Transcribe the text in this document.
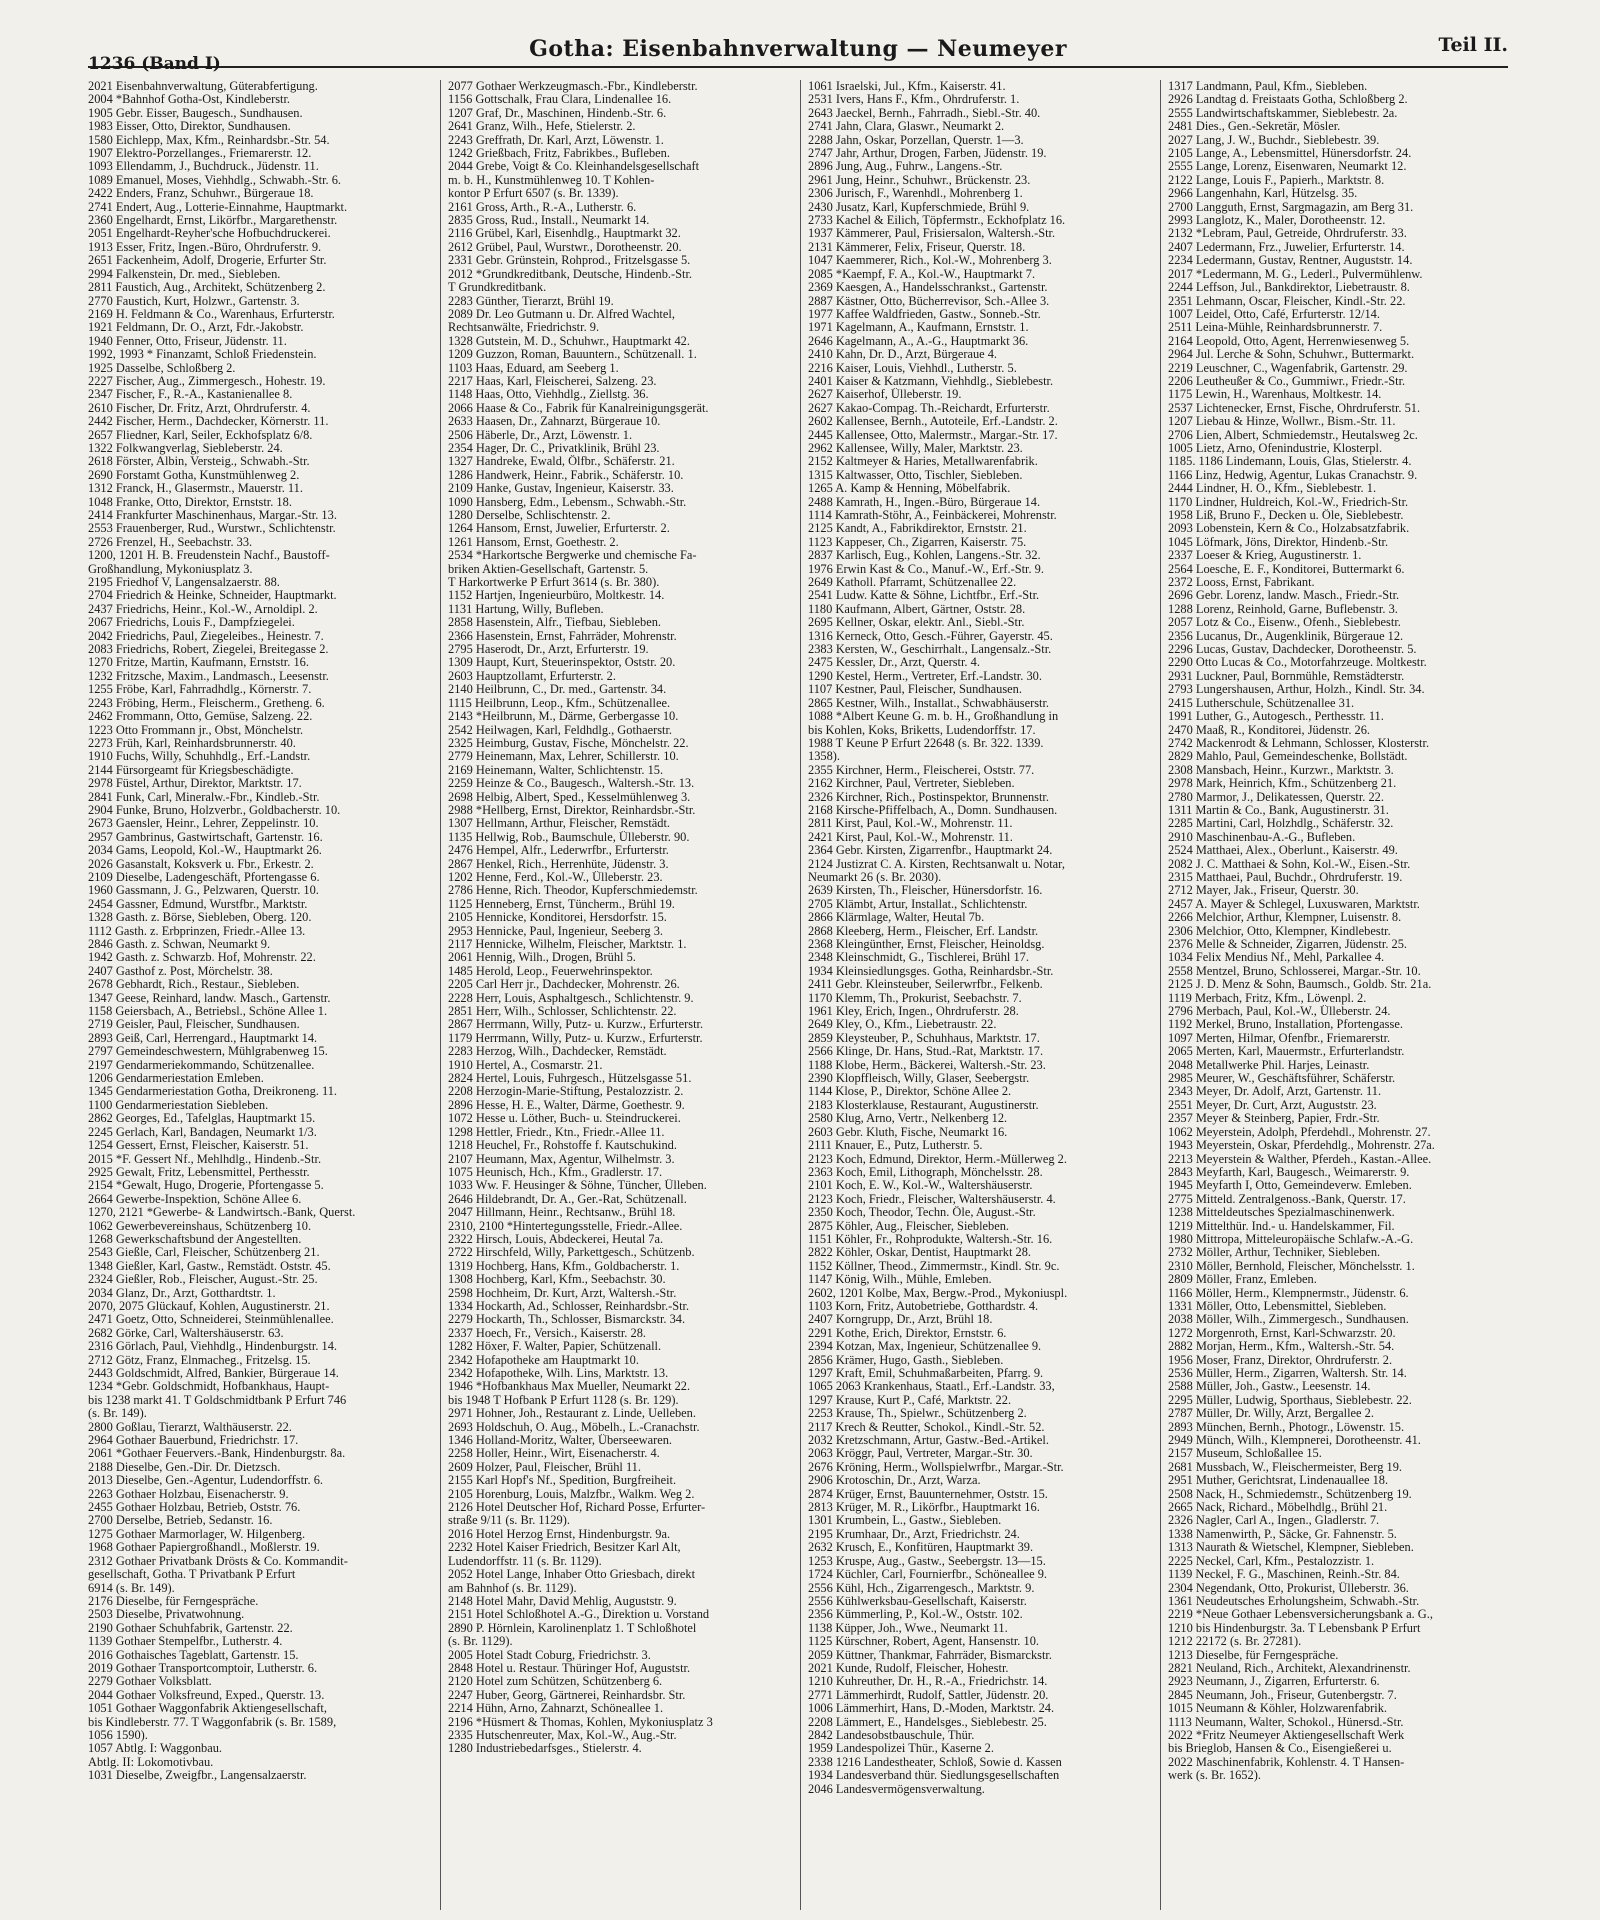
1236 (Band I)
Gotha: Eisenbahnverwaltung — Neumeyer	Teil II.
2021 Eisenbahnverwaltung, Güterabfertigung.
2004 *Bahnhof Gotha-Ost, Kindleberstr.
1905 Gebr. Eisser, Baugesch., Sundhausen.
1983 Eisser, Otto, Direktor, Sundhausen.
1580 Eichlepp, Max, Kfm., Reinhardsbr.-Str. 54.
1907 Elektro-Porzellanges., Friemarerstr. 12.
1093 Ellendamm, J., Buchdruck., Jüdenstr. 11.
1089 Emanuel, Moses, Viehhdlg., Schwabh.-Str. 6.
2422 Enders, Franz, Schuhwr., Bürgeraue 18.
2741 Endert, Aug., Lotterie-Einnahme, Hauptmarkt.
2360 Engelhardt, Ernst, Likörfbr., Margarethenstr.
2051 Engelhardt-Reyher'sche Hofbuchdruckerei.
1913 Esser, Fritz, Ingen.-Büro, Ohrdruferstr. 9.
2651 Fackenheim, Adolf, Drogerie, Erfurter Str.
2994 Falkenstein, Dr. med., Siebleben.
2811 Faustich, Aug., Architekt, Schützenberg 2.
2770 Faustich, Kurt, Holzwr., Gartenstr. 3.
2169 H. Feldmann & Co., Warenhaus, Erfurterstr.
1921 Feldmann, Dr. O., Arzt, Fdr.-Jakobstr.
1940 Fenner, Otto, Friseur, Jüdenstr. 11.
1992, 1993 * Finanzamt, Schloß Friedenstein.
1925 Dasselbe, Schloßberg 2.
2227 Fischer, Aug., Zimmergesch., Hohestr. 19.
2347 Fischer, F., R.-A., Kastanienallee 8.
2610 Fischer, Dr. Fritz, Arzt, Ohrdruferstr. 4.
2442 Fischer, Herm., Dachdecker, Körnerstr. 11.
2657 Fliedner, Karl, Seiler, Eckhofsplatz 6/8.
1322 Folkwangverlag, Siebleberstr. 24.
2618 Förster, Albin, Versteig., Schwabh.-Str.
2690 Forstamt Gotha, Kunstmühlenweg 2.
1312 Franck, H., Glasermstr., Mauerstr. 11.
1048 Franke, Otto, Direktor, Ernststr. 18.
2414 Frankfurter Maschinenhaus, Margar.-Str. 13.
2553 Frauenberger, Rud., Wurstwr., Schlichtenstr.
2726 Frenzel, H., Seebachstr. 33.
1200, 1201 H. B. Freudenstein Nachf., Baustoff-
Großhandlung, Mykoniusplatz 3.
2195 Friedhof V, Langensalzaerstr. 88.
2704 Friedrich & Heinke, Schneider, Hauptmarkt.
2437 Friedrichs, Heinr., Kol.-W., Arnoldipl. 2.
2067 Friedrichs, Louis F., Dampfziegelei.
2042 Friedrichs, Paul, Ziegeleibes., Heinestr. 7.
2083 Friedrichs, Robert, Ziegelei, Breitegasse 2.
1270 Fritze, Martin, Kaufmann, Ernststr. 16.
1232 Fritzsche, Maxim., Landmasch., Leesenstr.
1255 Fröbe, Karl, Fahrradhdlg., Körnerstr. 7.
2243 Fröbing, Herm., Fleischerm., Gretheng. 6.
2462 Frommann, Otto, Gemüse, Salzeng. 22.
1223 Otto Frommann jr., Obst, Mönchelstr.
2273 Früh, Karl, Reinhardsbrunnerstr. 40.
1910 Fuchs, Willy, Schuhhdlg., Erf.-Landstr.
2144 Fürsorgeamt für Kriegsbeschädigte.
2978 Füstel, Arthur, Direktor, Marktstr. 17.
2841 Funk, Carl, Mineralw.-Fbr., Kindleb.-Str.
2904 Funke, Bruno, Holzverbr., Goldbacherstr. 10.
2673 Gaensler, Heinr., Lehrer, Zeppelinstr. 10.
2957 Gambrinus, Gastwirtschaft, Gartenstr. 16.
2034 Gams, Leopold, Kol.-W., Hauptmarkt 26.
2026 Gasanstalt, Koksverk u. Fbr., Erkestr. 2.
2109 Dieselbe, Ladengeschäft, Pfortengasse 6.
1960 Gassmann, J. G., Pelzwaren, Querstr. 10.
2454 Gassner, Edmund, Wurstfbr., Marktstr.
1328 Gasth. z. Börse, Siebleben, Oberg. 120.
1112 Gasth. z. Erbprinzen, Friedr.-Allee 13.
2846 Gasth. z. Schwan, Neumarkt 9.
1942 Gasth. z. Schwarzb. Hof, Mohrenstr. 22.
2407 Gasthof z. Post, Mörchelstr. 38.
2678 Gebhardt, Rich., Restaur., Siebleben.
1347 Geese, Reinhard, landw. Masch., Gartenstr.
1158 Geiersbach, A., Betriebsl., Schöne Allee 1.
2719 Geisler, Paul, Fleischer, Sundhausen.
2893 Geiß, Carl, Herrengard., Hauptmarkt 14.
2797 Gemeindeschwestern, Mühlgrabenweg 15.
2197 Gendarmeriekommando, Schützenallee.
1206 Gendarmeriestation Emleben.
1345 Gendarmeriestation Gotha, Dreikroneng. 11.
1100 Gendarmeriestation Siebleben.
2862 Georges, Ed., Tafelglas, Hauptmarkt 15.
2245 Gerlach, Karl, Bandagen, Neumarkt 1/3.
1254 Gessert, Ernst, Fleischer, Kaiserstr. 51.
2015 *F. Gessert Nf., Mehlhdlg., Hindenb.-Str.
2925 Gewalt, Fritz, Lebensmittel, Perthesstr.
2154 *Gewalt, Hugo, Drogerie, Pfortengasse 5.
2664 Gewerbe-Inspektion, Schöne Allee 6.
1270, 2121 *Gewerbe- & Landwirtsch.-Bank, Querst.
1062 Gewerbevereinshaus, Schützenberg 10.
1268 Gewerkschaftsbund der Angestellten.
2543 Gießle, Carl, Fleischer, Schützenberg 21.
1348 Gießler, Karl, Gastw., Remstädt. Oststr. 45.
2324 Gießler, Rob., Fleischer, August.-Str. 25.
2034 Glanz, Dr., Arzt, Gotthardtstr. 1.
2070, 2075 Glückauf, Kohlen, Augustinerstr. 21.
2471 Goetz, Otto, Schneiderei, Steinmühlenallee.
2682 Görke, Carl, Waltershäuserstr. 63.
2316 Görlach, Paul, Viehhdlg., Hindenburgstr. 14.
2712 Götz, Franz, Elnmacheg., Fritzelsg. 15.
2443 Goldschmidt, Alfred, Bankier, Bürgeraue 14.
1234 *Gebr. Goldschmidt, Hofbankhaus, Haupt-
bis 1238 markt 41. T Goldschmidtbank P Erfurt 746
(s. Br. 149).
2800 Goßlau, Tierarzt, Walthäuserstr. 22.
2964 Gothaer Bauerbund, Friedrichstr. 17.
2061 *Gothaer Feuervers.-Bank, Hindenburgstr. 8a.
2188 Dieselbe, Gen.-Dir. Dr. Dietzsch.
2013 Dieselbe, Gen.-Agentur, Ludendorffstr. 6.
2263 Gothaer Holzbau, Eisenacherstr. 9.
2455 Gothaer Holzbau, Betrieb, Oststr. 76.
2700 Derselbe, Betrieb, Sedanstr. 16.
1275 Gothaer Marmorlager, W. Hilgenberg.
1968 Gothaer Papiergroßhandl., Moßlerstr. 19.
2312 Gothaer Privatbank Drösts & Co. Kommandit-
gesellschaft, Gotha. T Privatbank P Erfurt
6914 (s. Br. 149).
2176 Dieselbe, für Ferngespräche.
2503 Dieselbe, Privatwohnung.
2190 Gothaer Schuhfabrik, Gartenstr. 22.
1139 Gothaer Stempelfbr., Lutherstr. 4.
2016 Gothaisches Tageblatt, Gartenstr. 15.
2019 Gothaer Transportcomptoir, Lutherstr. 6.
2279 Gothaer Volksblatt.
2044 Gothaer Volksfreund, Exped., Querstr. 13.
1051 Gothaer Waggonfabrik Aktiengesellschaft,
bis Kindleberstr. 77. T Waggonfabrik (s. Br. 1589,
1056 1590).
1057 Abtlg. I: Waggonbau.
Abtlg. II: Lokomotivbau.
1031 Dieselbe, Zweigfbr., Langensalzaerstr.
2077 Gothaer Werkzeugmasch.-Fbr., Kindleberstr.
1156 Gottschalk, Frau Clara, Lindenallee 16.
1207 Graf, Dr., Maschinen, Hindenb.-Str. 6.
2641 Granz, Wilh., Hefe, Stielerstr. 2.
2243 Greffrath, Dr. Karl, Arzt, Löwenstr. 1.
1242 Grießbach, Fritz, Fabrikbes., Bufleben.
2044 Grebe, Voigt & Co. Kleinhandelsgesellschaft
m. b. H., Kunstmühlenweg 10. T Kohlen-
kontor P Erfurt 6507 (s. Br. 1339).
2161 Gross, Arth., R.-A., Lutherstr. 6.
2835 Gross, Rud., Install., Neumarkt 14.
2116 Grübel, Karl, Eisenhdlg., Hauptmarkt 32.
2612 Grübel, Paul, Wurstwr., Dorotheenstr. 20.
2331 Gebr. Grünstein, Rohprod., Fritzelsgasse 5.
2012 *Grundkreditbank, Deutsche, Hindenb.-Str.
T Grundkreditbank.
2283 Günther, Tierarzt, Brühl 19.
2089 Dr. Leo Gutmann u. Dr. Alfred Wachtel,
Rechtsanwälte, Friedrichstr. 9.
1328 Gutstein, M. D., Schuhwr., Hauptmarkt 42.
1209 Guzzon, Roman, Bauuntern., Schützenall. 1.
1103 Haas, Eduard, am Seeberg 1.
2217 Haas, Karl, Fleischerei, Salzeng. 23.
1148 Haas, Otto, Viehhdlg., Ziellstg. 36.
2066 Haase & Co., Fabrik für Kanalreinigungsgerät.
2633 Haasen, Dr., Zahnarzt, Bürgeraue 10.
2506 Häberle, Dr., Arzt, Löwenstr. 1.
2354 Hager, Dr. C., Privatklinik, Brühl 23.
1327 Handreke, Ewald, Ölfbr., Schäferstr. 21.
1286 Handwerk, Heinr., Fabrik., Schäferstr. 10.
2109 Hanke, Gustav, Ingenieur, Kaiserstr. 33.
1090 Hansberg, Edm., Lebensm., Schwabh.-Str.
1280 Derselbe, Schlischtenstr. 2.
1264 Hansom, Ernst, Juwelier, Erfurterstr. 2.
1261 Hansom, Ernst, Goethestr. 2.
2534 *Harkortsche Bergwerke und chemische Fa-
briken Aktien-Gesellschaft, Gartenstr. 5.
T Harkortwerke P Erfurt 3614 (s. Br. 380).
1152 Hartjen, Ingenieurbüro, Moltkestr. 14.
1131 Hartung, Willy, Bufleben.
2858 Hasenstein, Alfr., Tiefbau, Siebleben.
2366 Hasenstein, Ernst, Fahrräder, Mohrenstr.
2795 Haserodt, Dr., Arzt, Erfurterstr. 19.
1309 Haupt, Kurt, Steuerinspektor, Oststr. 20.
2603 Hauptzollamt, Erfurterstr. 2.
2140 Heilbrunn, C., Dr. med., Gartenstr. 34.
1115 Heilbrunn, Leop., Kfm., Schützenallee.
2143 *Heilbrunn, M., Därme, Gerbergasse 10.
2542 Heilwagen, Karl, Feldhdlg., Gothaerstr.
2325 Heimburg, Gustav, Fische, Mönchelstr. 22.
2779 Heinemann, Max, Lehrer, Schillerstr. 10.
2169 Heinemann, Walter, Schlichtenstr. 15.
2259 Heinze & Co., Baugesch., Waltersh.-Str. 13.
2698 Helbig, Albert, Sped., Kesselmühlenweg 3.
2988 *Hellberg, Ernst, Direktor, Reinhardsbr.-Str.
1307 Hellmann, Arthur, Fleischer, Remstädt.
1135 Hellwig, Rob., Baumschule, Ülleberstr. 90.
2476 Hempel, Alfr., Lederwrfbr., Erfurterstr.
2867 Henkel, Rich., Herrenhüte, Jüdenstr. 3.
1202 Henne, Ferd., Kol.-W., Ülleberstr. 23.
2786 Henne, Rich. Theodor, Kupferschmiedemstr.
1125 Henneberg, Ernst, Tüncherm., Brühl 19.
2105 Hennicke, Konditorei, Hersdorfstr. 15.
2953 Hennicke, Paul, Ingenieur, Seeberg 3.
2117 Hennicke, Wilhelm, Fleischer, Marktstr. 1.
2061 Hennig, Wilh., Drogen, Brühl 5.
1485 Herold, Leop., Feuerwehrinspektor.
2205 Carl Herr jr., Dachdecker, Mohrenstr. 26.
2228 Herr, Louis, Asphaltgesch., Schlichtenstr. 9.
2851 Herr, Wilh., Schlosser, Schlichtenstr. 22.
2867 Herrmann, Willy, Putz- u. Kurzw., Erfurterstr.
1179 Herrmann, Willy, Putz- u. Kurzw., Erfurterstr.
2283 Herzog, Wilh., Dachdecker, Remstädt.
1910 Hertel, A., Cosmarstr. 21.
2824 Hertel, Louis, Fuhrgesch., Hützelsgasse 51.
2208 Herzogin-Marie-Stiftung, Pestalozzistr. 2.
2896 Hesse, H. E., Walter, Därme, Goethestr. 9.
1072 Hesse u. Löther, Buch- u. Steindruckerei.
1298 Hettler, Friedr., Ktn., Friedr.-Allee 11.
1218 Heuchel, Fr., Rohstoffe f. Kautschukind.
2107 Heumann, Max, Agentur, Wilhelmstr. 3.
1075 Heunisch, Hch., Kfm., Gradlerstr. 17.
1033 Ww. F. Heusinger & Söhne, Tüncher, Ülleben.
2646 Hildebrandt, Dr. A., Ger.-Rat, Schützenall.
2047 Hillmann, Heinr., Rechtsanw., Brühl 18.
2310, 2100 *Hintertegungsstelle, Friedr.-Allee.
2322 Hirsch, Louis, Abdeckerei, Heutal 7a.
2722 Hirschfeld, Willy, Parkettgesch., Schützenb.
1319 Hochberg, Hans, Kfm., Goldbacherstr. 1.
1308 Hochberg, Karl, Kfm., Seebachstr. 30.
2598 Hochheim, Dr. Kurt, Arzt, Waltersh.-Str.
1334 Hockarth, Ad., Schlosser, Reinhardsbr.-Str.
2279 Hockarth, Th., Schlosser, Bismarckstr. 34.
2337 Hoech, Fr., Versich., Kaiserstr. 28.
1282 Höxer, F. Walter, Papier, Schützenall.
2342 Hofapotheke am Hauptmarkt 10.
2342 Hofapotheke, Wilh. Lins, Marktstr. 13.
1946 *Hofbankhaus Max Mueller, Neumarkt 22.
bis 1948 T Hofbank P Erfurt 1128 (s. Br. 129).
2971 Hohner, Joh., Restaurant z. Linde, Uelleben.
2693 Holdschuh, O. Aug., Möbelh., L.-Cranachstr.
1346 Holland-Moritz, Walter, Überseewaren.
2258 Holler, Heinr., Wirt, Eisenacherstr. 4.
2609 Holzer, Paul, Fleischer, Brühl 11.
2155 Karl Hopf's Nf., Spedition, Burgfreiheit.
2105 Horenburg, Louis, Malzfbr., Walkm. Weg 2.
2126 Hotel Deutscher Hof, Richard Posse, Erfurter-
straße 9/11 (s. Br. 1129).
2016 Hotel Herzog Ernst, Hindenburgstr. 9a.
2232 Hotel Kaiser Friedrich, Besitzer Karl Alt,
Ludendorffstr. 11 (s. Br. 1129).
2052 Hotel Lange, Inhaber Otto Griesbach, direkt
am Bahnhof (s. Br. 1129).
2148 Hotel Mahr, David Mehlig, Auguststr. 9.
2151 Hotel Schloßhotel A.-G., Direktion u. Vorstand
2890 P. Hörnlein, Karolinenplatz 1. T Schloßhotel
(s. Br. 1129).
2005 Hotel Stadt Coburg, Friedrichstr. 3.
2848 Hotel u. Restaur. Thüringer Hof, Auguststr.
2120 Hotel zum Schützen, Schützenberg 6.
2247 Huber, Georg, Gärtnerei, Reinhardsbr. Str.
2214 Hühn, Arno, Zahnarzt, Schöneallee 1.
2196 *Hüsmert & Thomas, Kohlen, Mykoniusplatz 3
2335 Hutschenreuter, Max, Kol.-W., Aug.-Str.
1280 Industriebedarfsges., Stielerstr. 4.
1061 Israelski, Jul., Kfm., Kaiserstr. 41.
2531 Ivers, Hans F., Kfm., Ohrdruferstr. 1.
2643 Jaeckel, Bernh., Fahrradh., Siebl.-Str. 40.
2741 Jahn, Clara, Glaswr., Neumarkt 2.
2288 Jahn, Oskar, Porzellan, Querstr. 1—3.
2747 Jahr, Arthur, Drogen, Farben, Jüdenstr. 19.
2896 Jung, Aug., Fuhrw., Langens.-Str.
2961 Jung, Heinr., Schuhwr., Brückenstr. 23.
2306 Jurisch, F., Warenhdl., Mohrenberg 1.
2430 Jusatz, Karl, Kupferschmiede, Brühl 9.
2733 Kachel & Eilich, Töpfermstr., Eckhofplatz 16.
1937 Kämmerer, Paul, Frisiersalon, Waltersh.-Str.
2131 Kämmerer, Felix, Friseur, Querstr. 18.
1047 Kaemmerer, Rich., Kol.-W., Mohrenberg 3.
2085 *Kaempf, F. A., Kol.-W., Hauptmarkt 7.
2369 Kaesgen, A., Handelsschrankst., Gartenstr.
2887 Kästner, Otto, Bücherrevisor, Sch.-Allee 3.
1977 Kaffee Waldfrieden, Gastw., Sonneb.-Str.
1971 Kagelmann, A., Kaufmann, Ernststr. 1.
2646 Kagelmann, A., A.-G., Hauptmarkt 36.
2410 Kahn, Dr. D., Arzt, Bürgeraue 4.
2216 Kaiser, Louis, Viehhdl., Lutherstr. 5.
2401 Kaiser & Katzmann, Viehhdlg., Sieblebestr.
2627 Kaiserhof, Ülleberstr. 19.
2627 Kakao-Compag. Th.-Reichardt, Erfurterstr.
2602 Kallensee, Bernh., Autoteile, Erf.-Landstr. 2.
2445 Kallensee, Otto, Malermstr., Margar.-Str. 17.
2962 Kallensee, Willy, Maler, Marktstr. 23.
2152 Kaltmeyer & Haries, Metallwarenfabrik.
1315 Kaltwasser, Otto, Tischler, Siebleben.
1265 A. Kamp & Henning, Möbelfabrik.
2488 Kamrath, H., Ingen.-Büro, Bürgeraue 14.
1114 Kamrath-Stöhr, A., Feinbäckerei, Mohrenstr.
2125 Kandt, A., Fabrikdirektor, Ernststr. 21.
1123 Kappeser, Ch., Zigarren, Kaiserstr. 75.
2837 Karlisch, Eug., Kohlen, Langens.-Str. 32.
1976 Erwin Kast & Co., Manuf.-W., Erf.-Str. 9.
2649 Katholl. Pfarramt, Schützenallee 22.
2541 Ludw. Katte & Söhne, Lichtfbr., Erf.-Str.
1180 Kaufmann, Albert, Gärtner, Oststr. 28.
2695 Kellner, Oskar, elektr. Anl., Siebl.-Str.
1316 Kerneck, Otto, Gesch.-Führer, Gayerstr. 45.
2383 Kersten, W., Geschirrhalt., Langensalz.-Str.
2475 Kessler, Dr., Arzt, Querstr. 4.
1290 Kestel, Herm., Vertreter, Erf.-Landstr. 30.
1107 Kestner, Paul, Fleischer, Sundhausen.
2865 Kestner, Wilh., Installat., Schwabhäuserstr.
1088 *Albert Keune G. m. b. H., Großhandlung in
bis Kohlen, Koks, Briketts, Ludendorffstr. 17.
1988 T Keune P Erfurt 22648 (s. Br. 322. 1339.
1358).
2355 Kirchner, Herm., Fleischerei, Oststr. 77.
2162 Kirchner, Paul, Vertreter, Siebleben.
2326 Kirchner, Rich., Postinspektor, Brunnenstr.
2168 Kirsche-Pfiffelbach, A., Domn. Sundhausen.
2811 Kirst, Paul, Kol.-W., Mohrenstr. 11.
2421 Kirst, Paul, Kol.-W., Mohrenstr. 11.
2364 Gebr. Kirsten, Zigarrenfbr., Hauptmarkt 24.
2124 Justizrat C. A. Kirsten, Rechtsanwalt u. Notar,
Neumarkt 26 (s. Br. 2030).
2639 Kirsten, Th., Fleischer, Hünersdorfstr. 16.
2705 Klämbt, Artur, Installat., Schlichtenstr.
2866 Klärmlage, Walter, Heutal 7b.
2868 Kleeberg, Herm., Fleischer, Erf. Landstr.
2368 Kleingünther, Ernst, Fleischer, Heinoldsg.
2348 Kleinschmidt, G., Tischlerei, Brühl 17.
1934 Kleinsiedlungsges. Gotha, Reinhardsbr.-Str.
2411 Gebr. Kleinsteuber, Seilerwrfbr., Felkenb.
1170 Klemm, Th., Prokurist, Seebachstr. 7.
1961 Kley, Erich, Ingen., Ohrdruferstr. 28.
2649 Kley, O., Kfm., Liebetraustr. 22.
2859 Kleysteuber, P., Schuhhaus, Marktstr. 17.
2566 Klinge, Dr. Hans, Stud.-Rat, Marktstr. 17.
1188 Klobe, Herm., Bäckerei, Waltersh.-Str. 23.
2390 Klopffleisch, Willy, Glaser, Seebergstr.
1144 Klose, P., Direktor, Schöne Allee 2.
2183 Klosterklause, Restaurant, Augustinerstr.
2580 Klug, Arno, Vertr., Nelkenberg 12.
2603 Gebr. Kluth, Fische, Neumarkt 16.
2111 Knauer, E., Putz, Lutherstr. 5.
2123 Koch, Edmund, Direktor, Herm.-Müllerweg 2.
2363 Koch, Emil, Lithograph, Mönchelsstr. 28.
2101 Koch, E. W., Kol.-W., Waltershäuserstr.
2123 Koch, Friedr., Fleischer, Waltershäuserstr. 4.
2350 Koch, Theodor, Techn. Öle, August.-Str.
2875 Köhler, Aug., Fleischer, Siebleben.
1151 Köhler, Fr., Rohprodukte, Waltersh.-Str. 16.
2822 Köhler, Oskar, Dentist, Hauptmarkt 28.
1152 Köllner, Theod., Zimmermstr., Kindl. Str. 9c.
1147 König, Wilh., Mühle, Emleben.
2602, 1201 Kolbe, Max, Bergw.-Prod., Mykoniuspl.
1103 Korn, Fritz, Autobetriebe, Gotthardstr. 4.
2407 Korngrupp, Dr., Arzt, Brühl 18.
2291 Kothe, Erich, Direktor, Ernststr. 6.
2394 Kotzan, Max, Ingenieur, Schützenallee 9.
2856 Krämer, Hugo, Gasth., Siebleben.
1297 Kraft, Emil, Schuhmaßarbeiten, Pfarrg. 9.
1065 2063 Krankenhaus, Staatl., Erf.-Landstr. 33,
1297 Krause, Kurt P., Café, Marktstr. 22.
2253 Krause, Th., Spielwr., Schützenberg 2.
2117 Krech & Reutter, Schokol., Kindl.-Str. 52.
2032 Kretzschmann, Artur, Gastw.-Bed.-Artikel.
2063 Kröggr, Paul, Vertreter, Margar.-Str. 30.
2676 Kröning, Herm., Wollspielwrfbr., Margar.-Str.
2906 Krotoschin, Dr., Arzt, Warza.
2874 Krüger, Ernst, Bauunternehmer, Oststr. 15.
2813 Krüger, M. R., Likörfbr., Hauptmarkt 16.
1301 Krumbein, L., Gastw., Siebleben.
2195 Krumhaar, Dr., Arzt, Friedrichstr. 24.
2632 Krusch, E., Konfitüren, Hauptmarkt 39.
1253 Kruspe, Aug., Gastw., Seebergstr. 13—15.
1724 Küchler, Carl, Fournierfbr., Schöneallee 9.
2556 Kühl, Hch., Zigarrengesch., Marktstr. 9.
2556 Kühlwerksbau-Gesellschaft, Kaiserstr.
2356 Kümmerling, P., Kol.-W., Oststr. 102.
1138 Küpper, Joh., Wwe., Neumarkt 11.
1125 Kürschner, Robert, Agent, Hansenstr. 10.
2059 Küttner, Thankmar, Fahrräder, Bismarckstr.
2021 Kunde, Rudolf, Fleischer, Hohestr.
1210 Kuhreuther, Dr. H., R.-A., Friedrichstr. 14.
2771 Lämmerhirdt, Rudolf, Sattler, Jüdenstr. 20.
1006 Lämmerhirt, Hans, D.-Moden, Marktstr. 24.
2208 Lämmert, E., Handelsges., Sieblebestr. 25.
2842 Landesobstbauschule, Thür.
1959 Landespolizei Thür., Kaserne 2.
2338 1216 Landestheater, Schloß, Sowie d. Kassen
1934 Landesverband thür. Siedlungsgesellschaften
2046 Landesvermögensverwaltung.
1317 Landmann, Paul, Kfm., Siebleben.
2926 Landtag d. Freistaats Gotha, Schloßberg 2.
2555 Landwirtschaftskammer, Sieblebestr. 2a.
2481 Dies., Gen.-Sekretär, Mösler.
2027 Lang, J. W., Buchdr., Sieblebestr. 39.
2105 Lange, A., Lebensmittel, Hünersdorfstr. 24.
2555 Lange, Lorenz, Eisenwaren, Neumarkt 12.
2122 Lange, Louis F., Papierh., Marktstr. 8.
2966 Langenhahn, Karl, Hützelsg. 35.
2700 Langguth, Ernst, Sargmagazin, am Berg 31.
2993 Langlotz, K., Maler, Dorotheenstr. 12.
2132 *Lebram, Paul, Getreide, Ohrdruferstr. 33.
2407 Ledermann, Frz., Juwelier, Erfurterstr. 14.
2234 Ledermann, Gustav, Rentner, Auguststr. 14.
2017 *Ledermann, M. G., Lederl., Pulvermühlenw.
2244 Leffson, Jul., Bankdirektor, Liebetraustr. 8.
2351 Lehmann, Oscar, Fleischer, Kindl.-Str. 22.
1007 Leidel, Otto, Café, Erfurterstr. 12/14.
2511 Leina-Mühle, Reinhardsbrunnerstr. 7.
2164 Leopold, Otto, Agent, Herrenwiesenweg 5.
2964 Jul. Lerche & Sohn, Schuhwr., Buttermarkt.
2219 Leuschner, C., Wagenfabrik, Gartenstr. 29.
2206 Leutheußer & Co., Gummiwr., Friedr.-Str.
1175 Lewin, H., Warenhaus, Moltkestr. 14.
2537 Lichtenecker, Ernst, Fische, Ohrdruferstr. 51.
1207 Liebau & Hinze, Wollwr., Bism.-Str. 11.
2706 Lien, Albert, Schmiedemstr., Heutalsweg 2c.
1005 Lietz, Arno, Ofenindustrie, Klosterpl.
1185. 1186 Lindemann, Louis, Glas, Stielerstr. 4.
1166 Linz, Hedwig, Agentur, Lukas Cranachstr. 9.
2444 Lindner, H. O., Kfm., Sieblebestr. 1.
1170 Lindner, Huldreich, Kol.-W., Friedrich-Str.
1958 Liß, Bruno F., Decken u. Öle, Sieblebestr.
2093 Lobenstein, Kern & Co., Holzabsatzfabrik.
1045 Löfmark, Jöns, Direktor, Hindenb.-Str.
2337 Loeser & Krieg, Augustinerstr. 1.
2564 Loesche, E. F., Konditorei, Buttermarkt 6.
2372 Looss, Ernst, Fabrikant.
2696 Gebr. Lorenz, landw. Masch., Friedr.-Str.
1288 Lorenz, Reinhold, Garne, Buflebenstr. 3.
2057 Lotz & Co., Eisenw., Ofenh., Sieblebestr.
2356 Lucanus, Dr., Augenklinik, Bürgeraue 12.
2296 Lucas, Gustav, Dachdecker, Dorotheenstr. 5.
2290 Otto Lucas & Co., Motorfahrzeuge. Moltkestr.
2931 Luckner, Paul, Bornmühle, Remstädterstr.
2793 Lungershausen, Arthur, Holzh., Kindl. Str. 34.
2415 Lutherschule, Schützenallee 31.
1991 Luther, G., Autogesch., Perthesstr. 11.
2470 Maaß, R., Konditorei, Jüdenstr. 26.
2742 Mackenrodt & Lehmann, Schlosser, Klosterstr.
2829 Mahlo, Paul, Gemeindeschenke, Bollstädt.
2308 Mansbach, Heinr., Kurzwr., Marktstr. 3.
2978 Mark, Heinrich, Kfm., Schützenberg 21.
2780 Marmor, J., Delikatessen, Querstr. 22.
1311 Martin & Co., Bank, Augustinerstr. 31.
2285 Martini, Carl, Holzhdlg., Schäferstr. 32.
2910 Maschinenbau-A.-G., Bufleben.
2524 Matthaei, Alex., Oberlunt., Kaiserstr. 49.
2082 J. C. Matthaei & Sohn, Kol.-W., Eisen.-Str.
2315 Matthaei, Paul, Buchdr., Ohrdruferstr. 19.
2712 Mayer, Jak., Friseur, Querstr. 30.
2457 A. Mayer & Schlegel, Luxuswaren, Marktstr.
2266 Melchior, Arthur, Klempner, Luisenstr. 8.
2306 Melchior, Otto, Klempner, Kindlebestr.
2376 Melle & Schneider, Zigarren, Jüdenstr. 25.
1034 Felix Mendius Nf., Mehl, Parkallee 4.
2558 Mentzel, Bruno, Schlosserei, Margar.-Str. 10.
2125 J. D. Menz & Sohn, Baumsch., Goldb. Str. 21a.
1119 Merbach, Fritz, Kfm., Löwenpl. 2.
2796 Merbach, Paul, Kol.-W., Ülleberstr. 24.
1192 Merkel, Bruno, Installation, Pfortengasse.
1097 Merten, Hilmar, Ofenfbr., Friemarerstr.
2065 Merten, Karl, Mauermstr., Erfurterlandstr.
2048 Metallwerke Phil. Harjes, Leinastr.
2985 Meurer, W., Geschäftsführer, Schäferstr.
2343 Meyer, Dr. Adolf, Arzt, Gartenstr. 11.
2551 Meyer, Dr. Curt, Arzt, Auguststr. 23.
2357 Meyer & Steinberg, Papier, Frdr.-Str.
1062 Meyerstein, Adolph, Pferdehdl., Mohrenstr. 27.
1943 Meyerstein, Oskar, Pferdehdlg., Mohrenstr. 27a.
2213 Meyerstein & Walther, Pferdeh., Kastan.-Allee.
2843 Meyfarth, Karl, Baugesch., Weimarerstr. 9.
1945 Meyfarth I, Otto, Gemeindeverw. Emleben.
2775 Mitteld. Zentralgenoss.-Bank, Querstr. 17.
1238 Mitteldeutsches Spezialmaschinenwerk.
1219 Mittelthür. Ind.- u. Handelskammer, Fil.
1980 Mittropa, Mitteleuropäische Schlafw.-A.-G.
2732 Möller, Arthur, Techniker, Siebleben.
2310 Möller, Bernhold, Fleischer, Mönchelsstr. 1.
2809 Möller, Franz, Emleben.
1166 Möller, Herm., Klempnermstr., Jüdenstr. 6.
1331 Möller, Otto, Lebensmittel, Siebleben.
2038 Möller, Wilh., Zimmergesch., Sundhausen.
1272 Morgenroth, Ernst, Karl-Schwarzstr. 20.
2882 Morjan, Herm., Kfm., Waltersh.-Str. 54.
1956 Moser, Franz, Direktor, Ohrdruferstr. 2.
2536 Müller, Herm., Zigarren, Waltersh. Str. 14.
2588 Müller, Joh., Gastw., Leesenstr. 14.
2295 Müller, Ludwig, Sporthaus, Sieblebestr. 22.
2787 Müller, Dr. Willy, Arzt, Bergallee 2.
2893 München, Bernh., Photogr., Löwenstr. 15.
2949 Münch, Wilh., Klempnerei, Dorotheenstr. 41.
2157 Museum, Schloßallee 15.
2681 Mussbach, W., Fleischermeister, Berg 19.
2951 Muther, Gerichtsrat, Lindenauallee 18.
2508 Nack, H., Schmiedemstr., Schützenberg 19.
2665 Nack, Richard., Möbelhdlg., Brühl 21.
2326 Nagler, Carl A., Ingen., Gladlerstr. 7.
1338 Namenwirth, P., Säcke, Gr. Fahnenstr. 5.
1313 Naurath & Wietschel, Klempner, Siebleben.
2225 Neckel, Carl, Kfm., Pestalozzistr. 1.
1139 Neckel, F. G., Maschinen, Reinh.-Str. 84.
2304 Negendank, Otto, Prokurist, Ülleberstr. 36.
1361 Neudeutsches Erholungsheim, Schwabh.-Str.
2219 *Neue Gothaer Lebensversicherungsbank a. G.,
1210 bis Hindenburgstr. 3a. T Lebensbank P Erfurt
1212 22172 (s. Br. 27281).
1213 Dieselbe, für Ferngespräche.
2821 Neuland, Rich., Architekt, Alexandrinenstr.
2923 Neumann, J., Zigarren, Erfurterstr. 6.
2845 Neumann, Joh., Friseur, Gutenbergstr. 7.
1015 Neumann & Köhler, Holzwarenfabrik.
1113 Neumann, Walter, Schokol., Hünersd.-Str.
2022 *Fritz Neumeyer Aktiengesellschaft Werk
bis Brieglob, Hansen & Co., Eisengießerei u.
2022 Maschinenfabrik, Kohlenstr. 4. T Hansen-
werk (s. Br. 1652).
